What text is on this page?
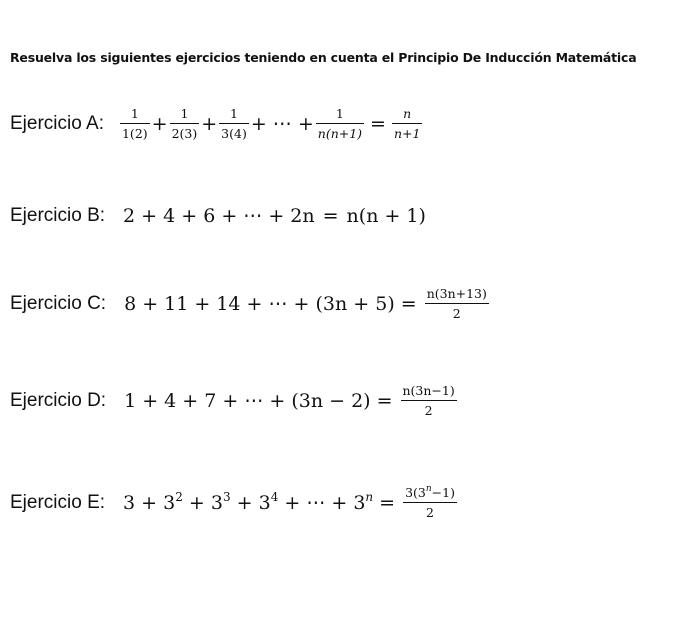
Resuelva los siguientes ejercicios teniendo en cuenta el Principio De Inducción Matemática
Ejercicio A: $\frac{1}{1(2)} + \frac{1}{2(3)} + \frac{1}{3(4)}$ + ⋯ + $\frac{1}{n(n+1)} = \frac{n}{n+1}$
Ejercicio B: 2 + 4 + 6 + ⋯ + 2n = n(n + 1)
Ejercicio C: 8 + 11 + 14 + ⋯ + $(3n + 5) = \frac{n(3n+13)}{2}$
Ejercicio D: 1 + 4 + 7 + ⋯ + $(3n - 2) = \frac{n(3n-1)}{2}$
Ejercicio E: $3 + 3^2 + 3^3 + 3^4$ + ⋯ + $3^n = \frac{3(3^n-1)}{2}$
